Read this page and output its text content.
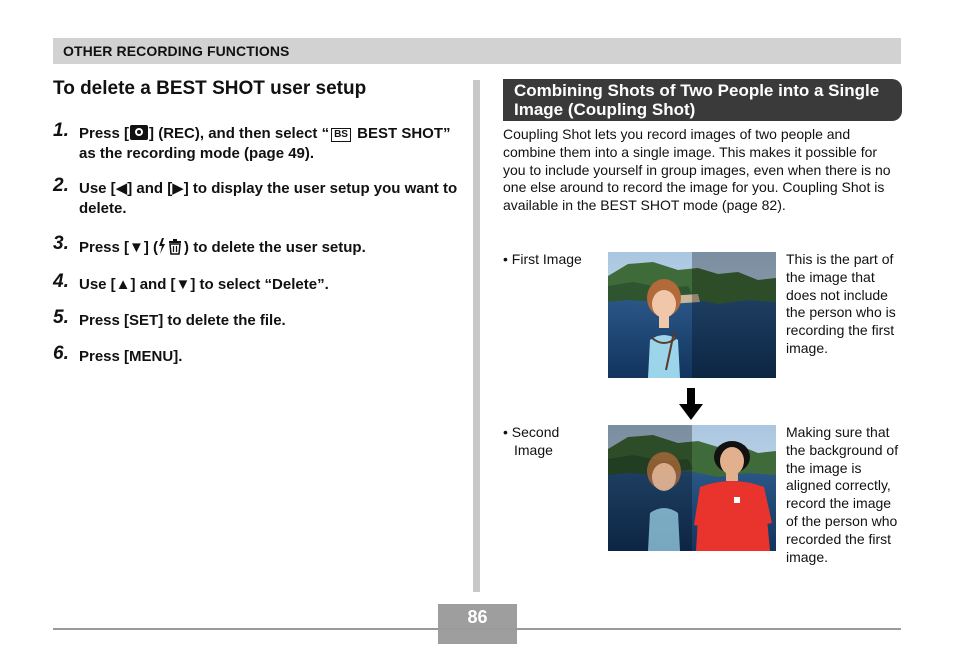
OTHER RECORDING FUNCTIONS
To delete a BEST SHOT user setup
1. Press [ ] (REC), and then select “ BS BEST SHOT” as the recording mode (page 49).
2. Use [◀] and [▶] to display the user setup you want to delete.
3. Press [▼] ( ) to delete the user setup.
4. Use [▲] and [▼] to select “Delete”.
5. Press [SET] to delete the file.
6. Press [MENU].
Combining Shots of Two People into a Single Image (Coupling Shot)
Coupling Shot lets you record images of two people and combine them into a single image. This makes it possible for you to include yourself in group images, even when there is no one else around to record the image for you. Coupling Shot is available in the BEST SHOT mode (page 82).
• First Image	This is the part of the image that does not include the person who is recording the first image.
• Second
Image
Making sure that the background of the image is aligned correctly, record the image of the person who recorded the first image.
86
